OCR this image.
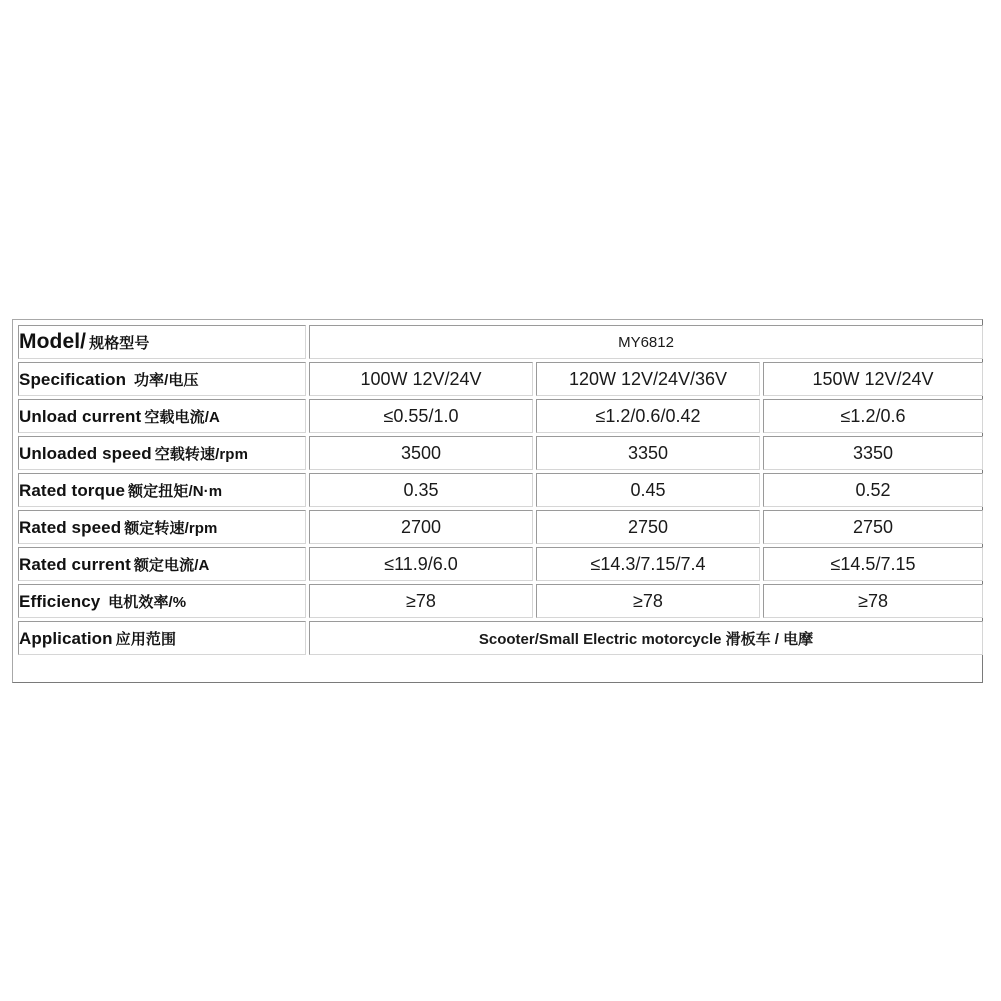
Model/ 规格型号	MY6812		
Specification 功率/电压	100W 12V/24V	120W 12V/24V/36V	150W 12V/24V
Unload current 空载电流/A	≤0.55/1.0	≤1.2/0.6/0.42	≤1.2/0.6
Unloaded speed 空载转速/rpm	3500	3350	3350
Rated torque 额定扭矩/N·m	0.35	0.45	0.52
Rated speed 额定转速/rpm	2700	2750	2750
Rated current 额定电流/A	≤11.9/6.0	≤14.3/7.15/7.4	≤14.5/7.15
Efficiency 电机效率/%	≥78	≥78	≥78
Application 应用范围	Scooter/Small Electric motorcycle 滑板车 / 电摩		
